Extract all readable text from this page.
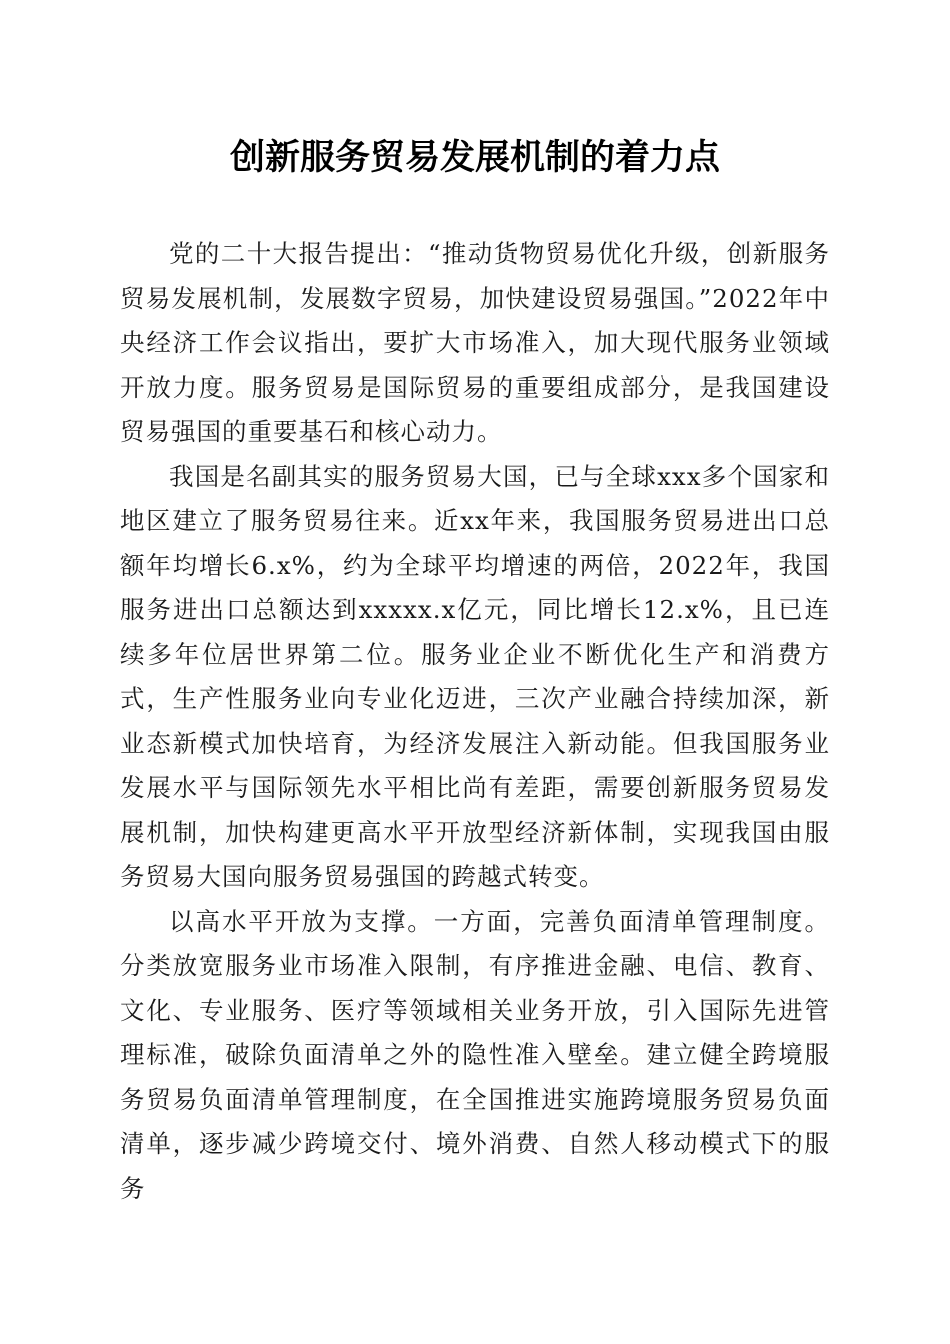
创新服务贸易发展机制的着力点

党的二十大报告提出：“推动货物贸易优化升级，创新服务贸易发展机制，发展数字贸易，加快建设贸易强国。”2022年中央经济工作会议指出，要扩大市场准入，加大现代服务业领域开放力度。服务贸易是国际贸易的重要组成部分，是我国建设贸易强国的重要基石和核心动力。

我国是名副其实的服务贸易大国，已与全球xxx多个国家和地区建立了服务贸易往来。近xx年来，我国服务贸易进出口总额年均增长6.x%，约为全球平均增速的两倍，2022年，我国服务进出口总额达到xxxxx.x亿元，同比增长12.x%，且已连续多年位居世界第二位。服务业企业不断优化生产和消费方式，生产性服务业向专业化迈进，三次产业融合持续加深，新业态新模式加快培育，为经济发展注入新动能。但我国服务业发展水平与国际领先水平相比尚有差距，需要创新服务贸易发展机制，加快构建更高水平开放型经济新体制，实现我国由服务贸易大国向服务贸易强国的跨越式转变。

以高水平开放为支撑。一方面，完善负面清单管理制度。分类放宽服务业市场准入限制，有序推进金融、电信、教育、文化、专业服务、医疗等领域相关业务开放，引入国际先进管理标准，破除负面清单之外的隐性准入壁垒。建立健全跨境服务贸易负面清单管理制度，在全国推进实施跨境服务贸易负面清单，逐步减少跨境交付、境外消费、自然人移动模式下的服务
